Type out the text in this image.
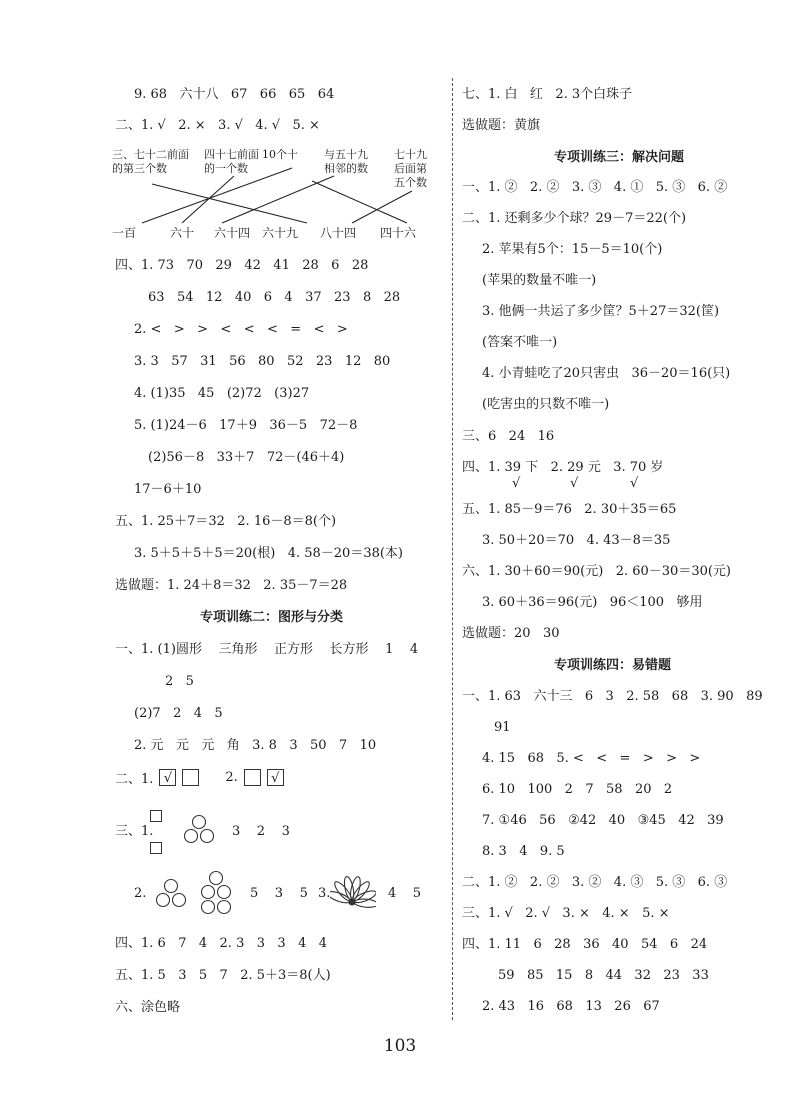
9. 68   六十八   67   66   65   64
二、1. √   2. ×   3. √   4. √   5. ×
三、七十二前面
的第三个数
四十七前面
的一个数
10个十 与五十九
相邻的数
七十九
后面第
五个数
一百	六十 六十四 六十九 八十四 四十六
四、1. 73   70   29   42   41   28   6   28
63   54   12   40   6   4   37   23   8   28
2. <   >   >   <   <   <   =   <   >
3. 3   57   31   56   80   52   23   12   80
4. (1)35   45   (2)72   (3)27
5. (1)24－6   17＋9   36－5   72－8
(2)56－8   33＋7   72－(46＋4)
17－6＋10
五、1. 25＋7＝32   2. 16－8＝8(个)
3. 5＋5＋5＋5＝20(根)   4. 58－20＝38(本)
选做题：1. 24＋8＝32   2. 35－7＝28
专项训练二：图形与分类
一、1. (1)圆形    三角形    正方形    长方形    1    4
2   5
(2)7   2   4   5
2. 元   元   元   角   3. 8   3   50   7   10
二、1. √	2.	√
三、1.	3    2    3
2.	5    3    5 3.	4    5
四、1. 6   7   4   2. 3   3   3   4   4
五、1. 5   3   5   7   2. 5＋3＝8(人)
六、涂色略
七、1. 白   红   2. 3个白珠子
选做题：黄旗
专项训练三：解决问题
一、1. ②   2. ②   3. ③   4. ①   5. ③   6. ②
二、1. 还剩多少个球？29－7＝22(个)
2. 苹果有5个：15－5＝10(个)
(苹果的数量不唯一)
3. 他俩一共运了多少筐？5＋27＝32(筐)
(答案不唯一)
4. 小青蛙吃了20只害虫   36－20＝16(只)
(吃害虫的只数不唯一)
三、6   24   16
四、1. 39 下   2. 29 元   3. 70 岁
√	√	√
五、1. 85－9＝76   2. 30＋35＝65
3. 50＋20＝70   4. 43－8＝35
六、1. 30＋60＝90(元)   2. 60－30＝30(元)
3. 60＋36＝96(元)   96＜100   够用
选做题：20   30
专项训练四：易错题
一、1. 63   六十三   6   3   2. 58   68   3. 90   89
91
4. 15   68   5. <   <   =   >   >   >
6. 10   100   2   7   58   20   2
7. ①46   56   ②42   40   ③45   42   39
8. 3   4   9. 5
二、1. ②   2. ②   3. ②   4. ③   5. ③   6. ③
三、1. √   2. √   3. ×   4. ×   5. ×
四、1. 11   6   28   36   40   54   6   24
59   85   15   8   44   32   23   33
2. 43   16   68   13   26   67
103
